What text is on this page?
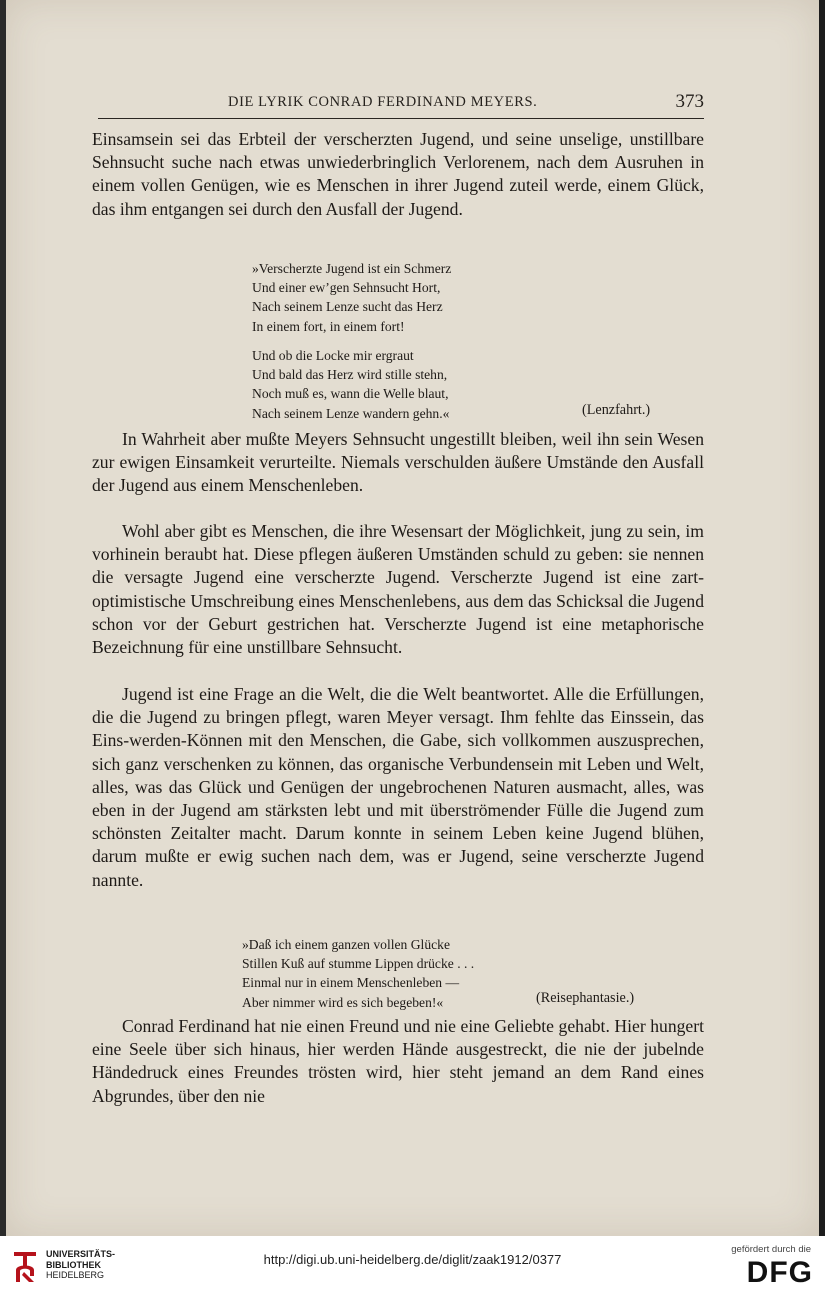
DIE LYRIK CONRAD FERDINAND MEYERS.	373

Einsamsein sei das Erbteil der verscherzten Jugend, und seine unselige, unstillbare Sehnsucht suche nach etwas unwiederbringlich Verlorenem, nach dem Ausruhen in einem vollen Genügen, wie es Menschen in ihrer Jugend zuteil werde, einem Glück, das ihm entgangen sei durch den Ausfall der Jugend.

»Verscherzte Jugend ist ein Schmerz
Und einer ew’gen Sehnsucht Hort,
Nach seinem Lenze sucht das Herz
In einem fort, in einem fort!
Und ob die Locke mir ergraut
Und bald das Herz wird stille stehn,
Noch muß es, wann die Welle blaut,
Nach seinem Lenze wandern gehn.«	(Lenzfahrt.)

In Wahrheit aber mußte Meyers Sehnsucht ungestillt bleiben, weil ihn sein Wesen zur ewigen Einsamkeit verurteilte. Niemals verschulden äußere Umstände den Ausfall der Jugend aus einem Menschenleben.

Wohl aber gibt es Menschen, die ihre Wesensart der Möglichkeit, jung zu sein, im vorhinein beraubt hat. Diese pflegen äußeren Umständen schuld zu geben: sie nennen die versagte Jugend eine verscherzte Jugend. Verscherzte Jugend ist eine zart-optimistische Umschreibung eines Menschenlebens, aus dem das Schicksal die Jugend schon vor der Geburt gestrichen hat. Verscherzte Jugend ist eine metaphorische Bezeichnung für eine unstillbare Sehnsucht.

Jugend ist eine Frage an die Welt, die die Welt beantwortet. Alle die Erfüllungen, die die Jugend zu bringen pflegt, waren Meyer versagt. Ihm fehlte das Einssein, das Eins-werden-Können mit den Menschen, die Gabe, sich vollkommen auszusprechen, sich ganz verschenken zu können, das organische Verbundensein mit Leben und Welt, alles, was das Glück und Genügen der ungebrochenen Naturen ausmacht, alles, was eben in der Jugend am stärksten lebt und mit überströmender Fülle die Jugend zum schönsten Zeitalter macht. Darum konnte in seinem Leben keine Jugend blühen, darum mußte er ewig suchen nach dem, was er Jugend, seine verscherzte Jugend nannte.

»Daß ich einem ganzen vollen Glücke
Stillen Kuß auf stumme Lippen drücke . . .
Einmal nur in einem Menschenleben —
Aber nimmer wird es sich begeben!«	(Reisephantasie.)

Conrad Ferdinand hat nie einen Freund und nie eine Geliebte gehabt. Hier hungert eine Seele über sich hinaus, hier werden Hände ausgestreckt, die nie der jubelnde Händedruck eines Freundes trösten wird, hier steht jemand an dem Rand eines Abgrundes, über den nie

UNIVERSITÄTS-
BIBLIOTHEK
HEIDELBERG
http://digi.ub.uni-heidelberg.de/diglit/zaak1912/0377
gefördert durch die
DFG
